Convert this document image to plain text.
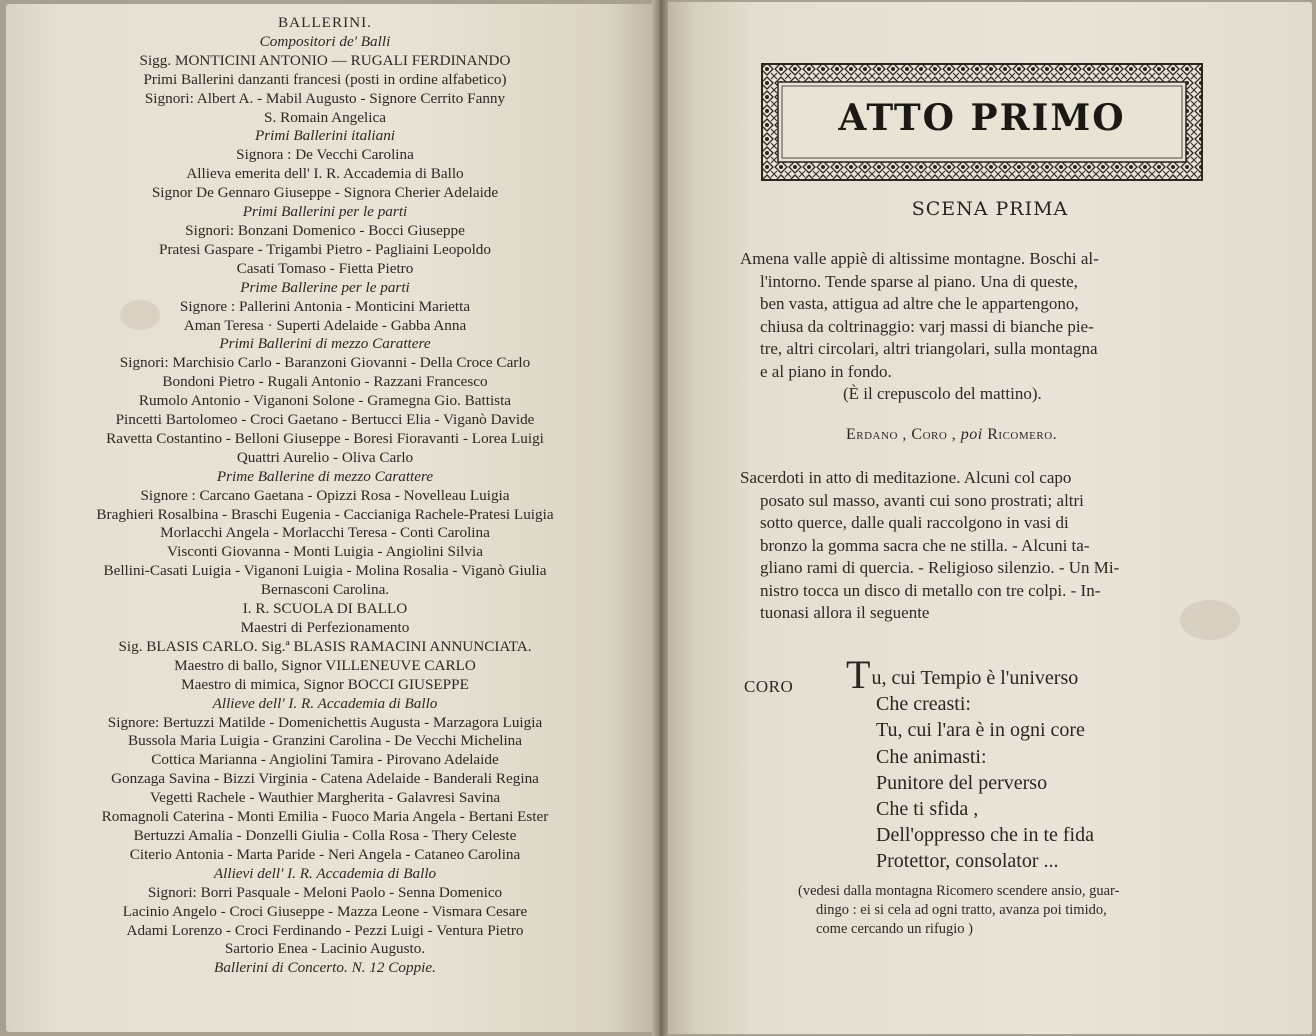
BALLERINI.
Compositori de' Balli
Sigg. MONTICINI ANTONIO — RUGALI FERDINANDO
Primi Ballerini danzanti francesi (posti in ordine alfabetico)
Signori: Albert A. - Mabil Augusto - Signore Cerrito Fanny
S. Romain Angelica
Primi Ballerini italiani
Signora : De Vecchi Carolina
Allieva emerita dell' I. R. Accademia di Ballo
Signor De Gennaro Giuseppe - Signora Cherier Adelaide
Primi Ballerini per le parti
Signori: Bonzani Domenico - Bocci Giuseppe
Pratesi Gaspare - Trigambi Pietro - Pagliaini Leopoldo
Casati Tomaso - Fietta Pietro
Prime Ballerine per le parti
Signore : Pallerini Antonia - Monticini Marietta
Aman Teresa · Superti Adelaide - Gabba Anna
Primi Ballerini di mezzo Carattere
Signori: Marchisio Carlo - Baranzoni Giovanni - Della Croce Carlo
Bondoni Pietro - Rugali Antonio - Razzani Francesco
Rumolo Antonio - Viganoni Solone - Gramegna Gio. Battista
Pincetti Bartolomeo - Croci Gaetano - Bertucci Elia - Viganò Davide
Ravetta Costantino - Belloni Giuseppe - Boresi Fioravanti - Lorea Luigi
Quattri Aurelio - Oliva Carlo
Prime Ballerine di mezzo Carattere
Signore : Carcano Gaetana - Opizzi Rosa - Novelleau Luigia
Braghieri Rosalbina - Braschi Eugenia - Caccianiga Rachele-Pratesi Luigia
Morlacchi Angela - Morlacchi Teresa - Conti Carolina
Visconti Giovanna - Monti Luigia - Angiolini Silvia
Bellini-Casati Luigia - Viganoni Luigia - Molina Rosalia - Viganò Giulia
Bernasconi Carolina.
I. R. SCUOLA DI BALLO
Maestri di Perfezionamento
Sig. BLASIS CARLO. Sig.ª BLASIS RAMACINI ANNUNCIATA.
Maestro di ballo, Signor VILLENEUVE CARLO
Maestro di mimica, Signor BOCCI GIUSEPPE
Allieve dell' I. R. Accademia di Ballo
Signore: Bertuzzi Matilde - Domenichettis Augusta - Marzagora Luigia
Bussola Maria Luigia - Granzini Carolina - De Vecchi Michelina
Cottica Marianna - Angiolini Tamira - Pirovano Adelaide
Gonzaga Savina - Bizzi Virginia - Catena Adelaide - Banderali Regina
Vegetti Rachele - Wauthier Margherita - Galavresi Savina
Romagnoli Caterina - Monti Emilia - Fuoco Maria Angela - Bertani Ester
Bertuzzi Amalia - Donzelli Giulia - Colla Rosa - Thery Celeste
Citerio Antonia - Marta Paride - Neri Angela - Cataneo Carolina
Allievi dell' I. R. Accademia di Ballo
Signori: Borri Pasquale - Meloni Paolo - Senna Domenico
Lacinio Angelo - Croci Giuseppe - Mazza Leone - Vismara Cesare
Adami Lorenzo - Croci Ferdinando - Pezzi Luigi - Ventura Pietro
Sartorio Enea - Lacinio Augusto.
Ballerini di Concerto. N. 12 Coppie.
ATTO PRIMO
SCENA PRIMA
Amena valle appiè di altissime montagne. Boschi al-
l'intorno. Tende sparse al piano. Una di queste,
ben vasta, attigua ad altre che le appartengono,
chiusa da coltrinaggio: varj massi di bianche pie-
tre, altri circolari, altri triangolari, sulla montagna
e al piano in fondo.
(È il crepuscolo del mattino).
Erdano , Coro , poi Ricomero.
Sacerdoti in atto di meditazione. Alcuni col capo
posato sul masso, avanti cui sono prostrati; altri
sotto querce, dalle quali raccolgono in vasi di
bronzo la gomma sacra che ne stilla. - Alcuni ta-
gliano rami di quercia. - Religioso silenzio. - Un Mi-
nistro tocca un disco di metallo con tre colpi. - In-
tuonasi allora il seguente
CORO Tu, cui Tempio è l'universo
Che creasti:
Tu, cui l'ara è in ogni core
Che animasti:
Punitore del perverso
Che ti sfida ,
Dell'oppresso che in te fida
Protettor, consolator ...
(vedesi dalla montagna Ricomero scendere ansio, guar-
dingo : ei si cela ad ogni tratto, avanza poi timido,
come cercando un rifugio )
